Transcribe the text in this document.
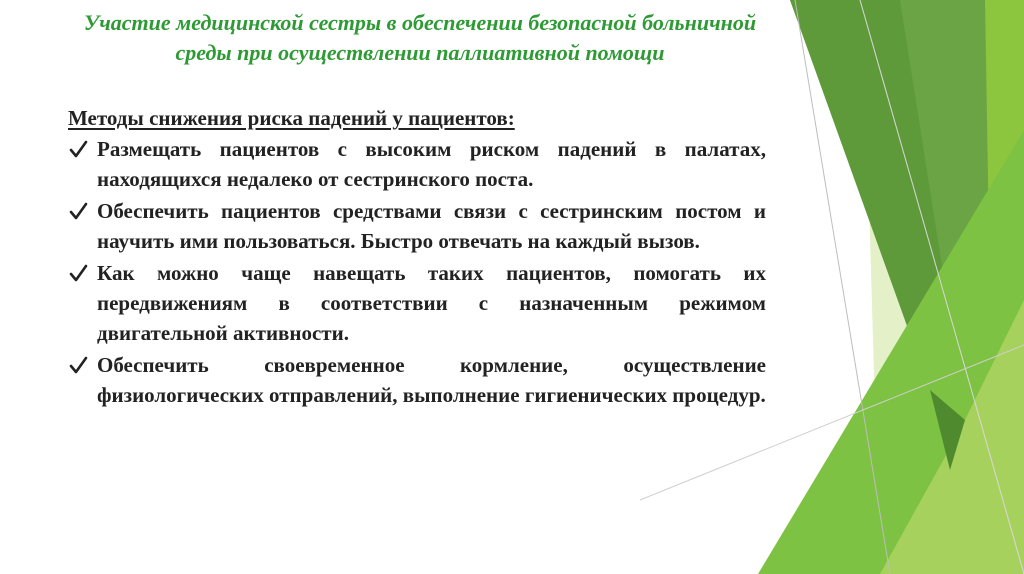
Участие медицинской сестры в обеспечении безопасной больничной среды при осуществлении паллиативной помощи

Методы снижения риска падений у пациентов:

Размещать пациентов с высоким риском падений в палатах, находящихся недалеко от сестринского поста.
Обеспечить пациентов средствами связи с сестринским постом и научить ими пользоваться. Быстро отвечать на каждый вызов.
Как можно чаще навещать таких пациентов, помогать их передвижениям в соответствии с назначенным режимом двигательной активности.
Обеспечить своевременное кормление, осуществление физиологических отправлений, выполнение гигиенических процедур.
